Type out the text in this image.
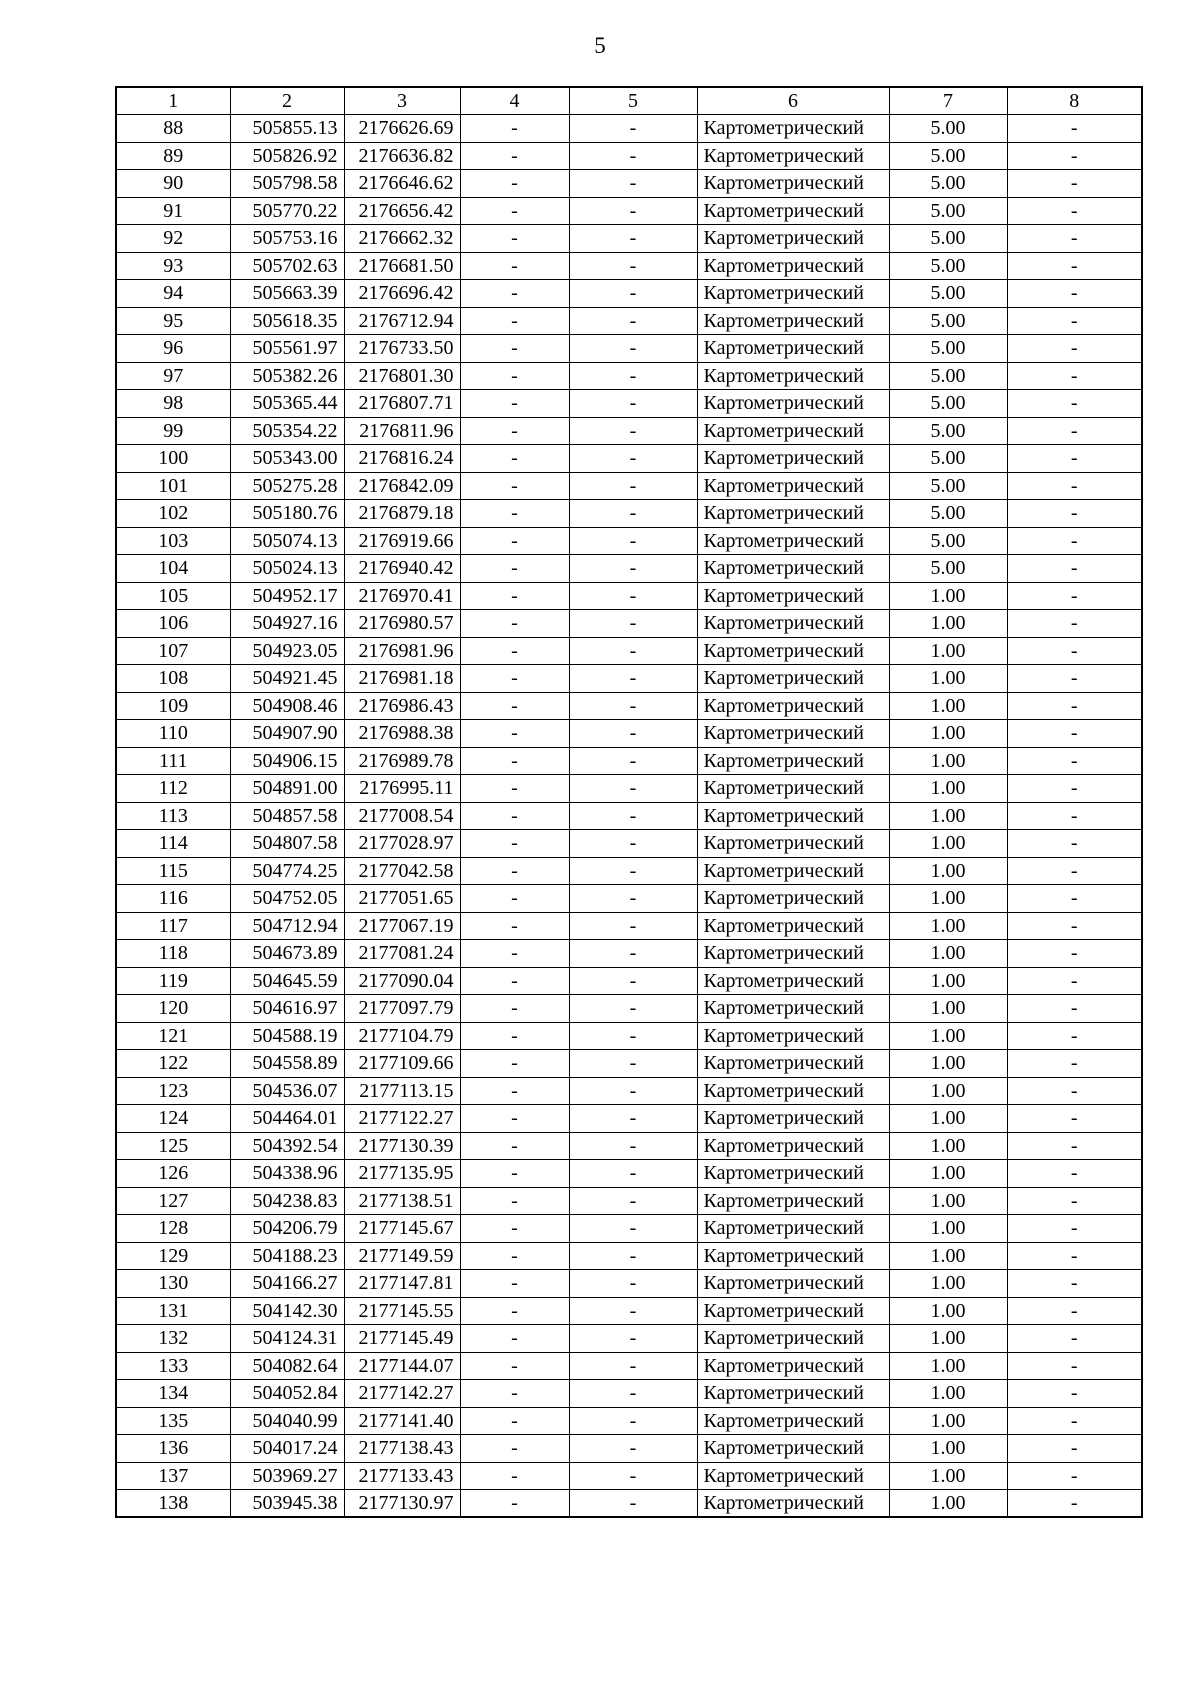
5
1	2	3	4	5	6	7	8
88	505855.13	2176626.69	-	-	Картометрический	5.00	-
89	505826.92	2176636.82	-	-	Картометрический	5.00	-
90	505798.58	2176646.62	-	-	Картометрический	5.00	-
91	505770.22	2176656.42	-	-	Картометрический	5.00	-
92	505753.16	2176662.32	-	-	Картометрический	5.00	-
93	505702.63	2176681.50	-	-	Картометрический	5.00	-
94	505663.39	2176696.42	-	-	Картометрический	5.00	-
95	505618.35	2176712.94	-	-	Картометрический	5.00	-
96	505561.97	2176733.50	-	-	Картометрический	5.00	-
97	505382.26	2176801.30	-	-	Картометрический	5.00	-
98	505365.44	2176807.71	-	-	Картометрический	5.00	-
99	505354.22	2176811.96	-	-	Картометрический	5.00	-
100	505343.00	2176816.24	-	-	Картометрический	5.00	-
101	505275.28	2176842.09	-	-	Картометрический	5.00	-
102	505180.76	2176879.18	-	-	Картометрический	5.00	-
103	505074.13	2176919.66	-	-	Картометрический	5.00	-
104	505024.13	2176940.42	-	-	Картометрический	5.00	-
105	504952.17	2176970.41	-	-	Картометрический	1.00	-
106	504927.16	2176980.57	-	-	Картометрический	1.00	-
107	504923.05	2176981.96	-	-	Картометрический	1.00	-
108	504921.45	2176981.18	-	-	Картометрический	1.00	-
109	504908.46	2176986.43	-	-	Картометрический	1.00	-
110	504907.90	2176988.38	-	-	Картометрический	1.00	-
111	504906.15	2176989.78	-	-	Картометрический	1.00	-
112	504891.00	2176995.11	-	-	Картометрический	1.00	-
113	504857.58	2177008.54	-	-	Картометрический	1.00	-
114	504807.58	2177028.97	-	-	Картометрический	1.00	-
115	504774.25	2177042.58	-	-	Картометрический	1.00	-
116	504752.05	2177051.65	-	-	Картометрический	1.00	-
117	504712.94	2177067.19	-	-	Картометрический	1.00	-
118	504673.89	2177081.24	-	-	Картометрический	1.00	-
119	504645.59	2177090.04	-	-	Картометрический	1.00	-
120	504616.97	2177097.79	-	-	Картометрический	1.00	-
121	504588.19	2177104.79	-	-	Картометрический	1.00	-
122	504558.89	2177109.66	-	-	Картометрический	1.00	-
123	504536.07	2177113.15	-	-	Картометрический	1.00	-
124	504464.01	2177122.27	-	-	Картометрический	1.00	-
125	504392.54	2177130.39	-	-	Картометрический	1.00	-
126	504338.96	2177135.95	-	-	Картометрический	1.00	-
127	504238.83	2177138.51	-	-	Картометрический	1.00	-
128	504206.79	2177145.67	-	-	Картометрический	1.00	-
129	504188.23	2177149.59	-	-	Картометрический	1.00	-
130	504166.27	2177147.81	-	-	Картометрический	1.00	-
131	504142.30	2177145.55	-	-	Картометрический	1.00	-
132	504124.31	2177145.49	-	-	Картометрический	1.00	-
133	504082.64	2177144.07	-	-	Картометрический	1.00	-
134	504052.84	2177142.27	-	-	Картометрический	1.00	-
135	504040.99	2177141.40	-	-	Картометрический	1.00	-
136	504017.24	2177138.43	-	-	Картометрический	1.00	-
137	503969.27	2177133.43	-	-	Картометрический	1.00	-
138	503945.38	2177130.97	-	-	Картометрический	1.00	-
